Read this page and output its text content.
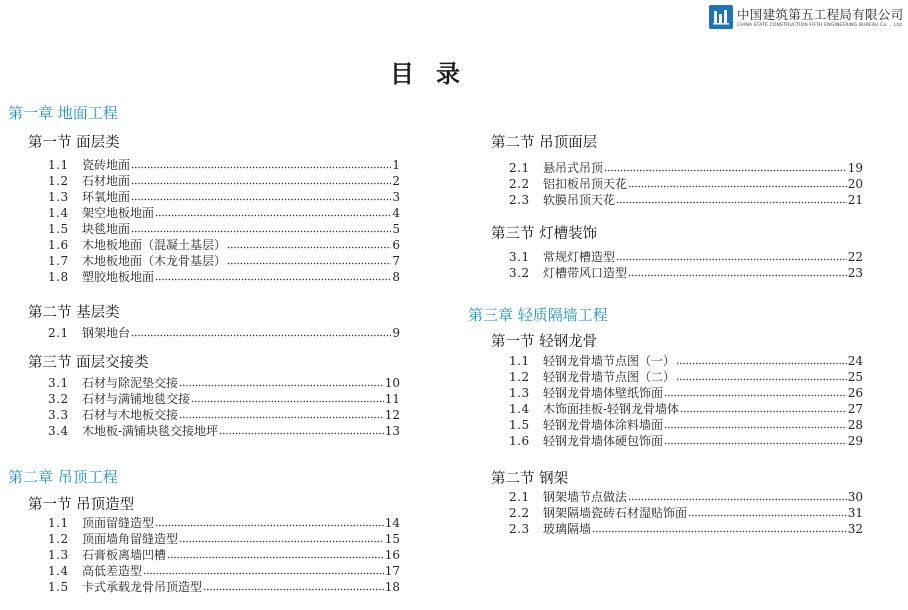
中国建筑第五工程局有限公司
CHINA STATE CONSTRUCTION FIFTH ENGINEERING BUREAU Co. ，Ltd.
目录
第一章 地面工程
第一节 面层类
1.1	瓷砖地面	1
1.2	石材地面	2
1.3	环氧地面	3
1.4	架空地板地面	4
1.5	块毯地面	5
1.6	木地板地面（混凝土基层）	6
1.7	木地板地面（木龙骨基层）	7
1.8	塑胶地板地面	8
第二节 基层类
2.1	钢架地台	9
第三节 面层交接类
3.1	石材与除泥垫交接	10
3.2	石材与满铺地毯交接	11
3.3	石材与木地板交接	12
3.4	木地板-满铺块毯交接地坪	13
第二章 吊顶工程
第一节 吊顶造型
1.1	顶面留缝造型	14
1.2	顶面墙角留缝造型	15
1.3	石膏板离墙凹槽	16
1.4	高低差造型	17
1.5	卡式承载龙骨吊顶造型	18
第二节 吊顶面层
2.1	悬吊式吊顶	19
2.2	铝扣板吊顶天花	20
2.3	软膜吊顶天花	21
第三节 灯槽装饰
3.1	常规灯槽造型	22
3.2	灯槽带风口造型	23
第三章 轻质隔墙工程
第一节 轻钢龙骨
1.1	轻钢龙骨墙节点图（一）	24
1.2	轻钢龙骨墙节点图（二）	25
1.3	轻钢龙骨墙体壁纸饰面	26
1.4	木饰面挂板-轻钢龙骨墙体	27
1.5	轻钢龙骨墙体涂料墙面	28
1.6	轻钢龙骨墙体硬包饰面	29
第二节 钢架
2.1	钢架墙节点做法	30
2.2	钢架隔墙瓷砖石材湿贴饰面	31
2.3	玻璃隔墙	32
